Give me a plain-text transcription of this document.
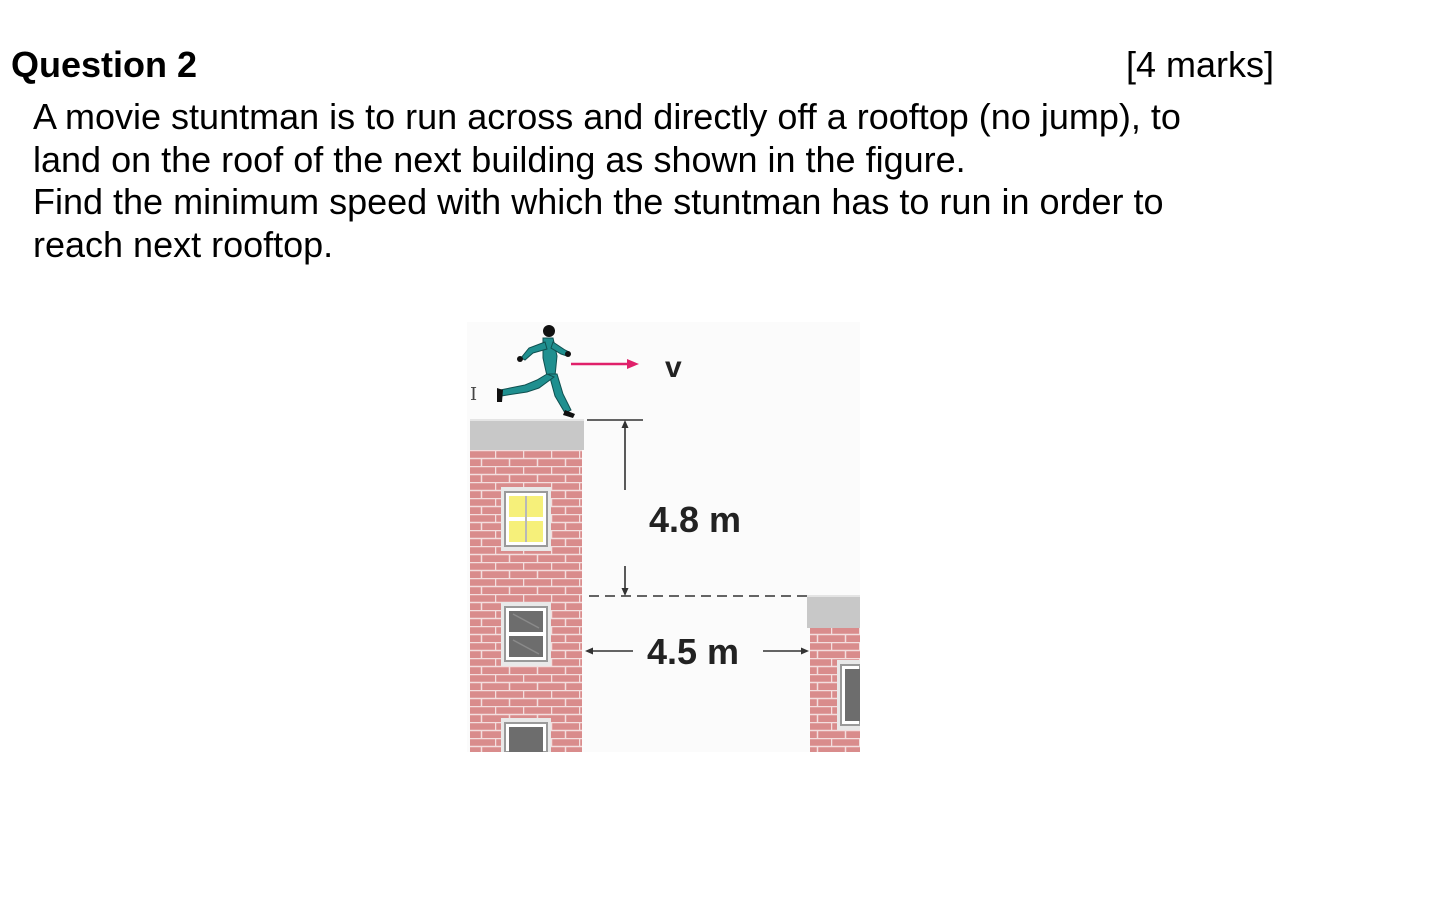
Question 2	[4 marks]

A movie stuntman is to run across and directly off a rooftop (no jump), to

land on the roof of the next building as shown in the figure.

Find the minimum speed with which the stuntman has to run in order to

reach next rooftop.

4.8 m
4.5 m
v
I
